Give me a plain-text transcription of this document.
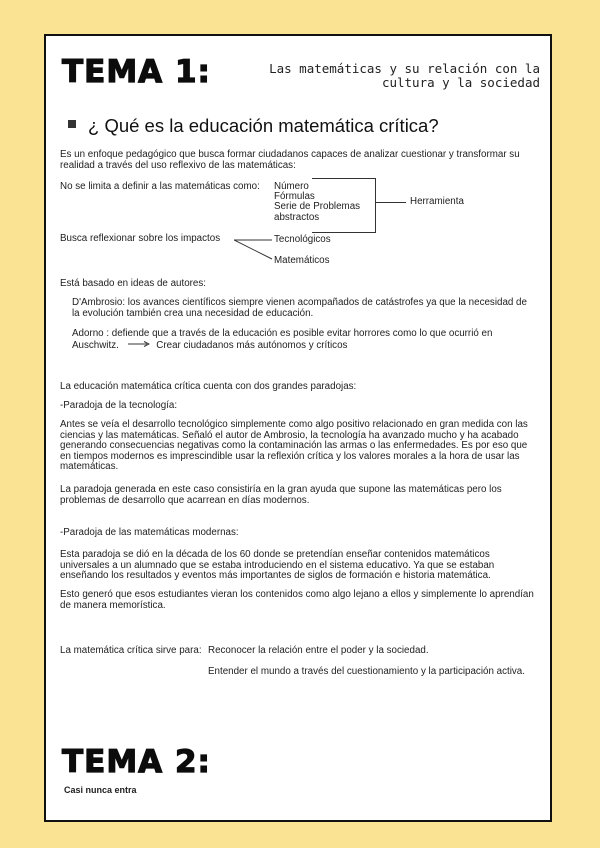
TEMA 1:	Las matemáticas y su relación con la
cultura y la sociedad
¿ Qué es la educación matemática crítica?
Es un enfoque pedagógico que busca formar ciudadanos capaces de analizar cuestionar y transformar su realidad a través del uso reflexivo de las matemáticas:
No se limita a definir a las matemáticas como: Número
Fórmulas
Serie de Problemas abstractos
Herramienta
Busca reflexionar sobre los impactos	Tecnológicos
Matemáticos
Está basado en ideas de autores:
D'Ambrosio: los avances científicos siempre vienen acompañados de catástrofes ya que la necesidad de la evolución también crea una necesidad de educación.
Adorno : defiende que a través de la educación es posible evitar horrores como lo que ocurrió en Auschwitz.	Crear ciudadanos más autónomos y críticos
La educación matemática crítica cuenta con dos grandes paradojas:
-Paradoja de la tecnología:
Antes se veía el desarrollo tecnológico simplemente como algo positivo relacionado en gran medida con las ciencias y las matemáticas. Señaló el autor de Ambrosio, la tecnología ha avanzado mucho y ha acabado generando consecuencias negativas como la contaminación las armas o las enfermedades. Es por eso que en tiempos modernos es imprescindible usar la reflexión crítica y los valores morales a la hora de usar las matemáticas.
La paradoja generada en este caso consistiría en la gran ayuda que supone las matemáticas pero los problemas de desarrollo que acarrean en días modernos.
-Paradoja de las matemáticas modernas:
Esta paradoja se dió en la década de los 60 donde se pretendían enseñar contenidos matemáticos universales a un alumnado que se estaba introduciendo en el sistema educativo. Ya que se estaban enseñando los resultados y eventos más importantes de siglos de formación e historia matemática.
Esto generó que esos estudiantes vieran los contenidos como algo lejano a ellos y simplemente lo aprendían de manera memorística.
La matemática crítica sirve para: Reconocer la relación entre el poder y la sociedad.
Entender el mundo a través del cuestionamiento y la participación activa.
TEMA 2:
Casi nunca entra
